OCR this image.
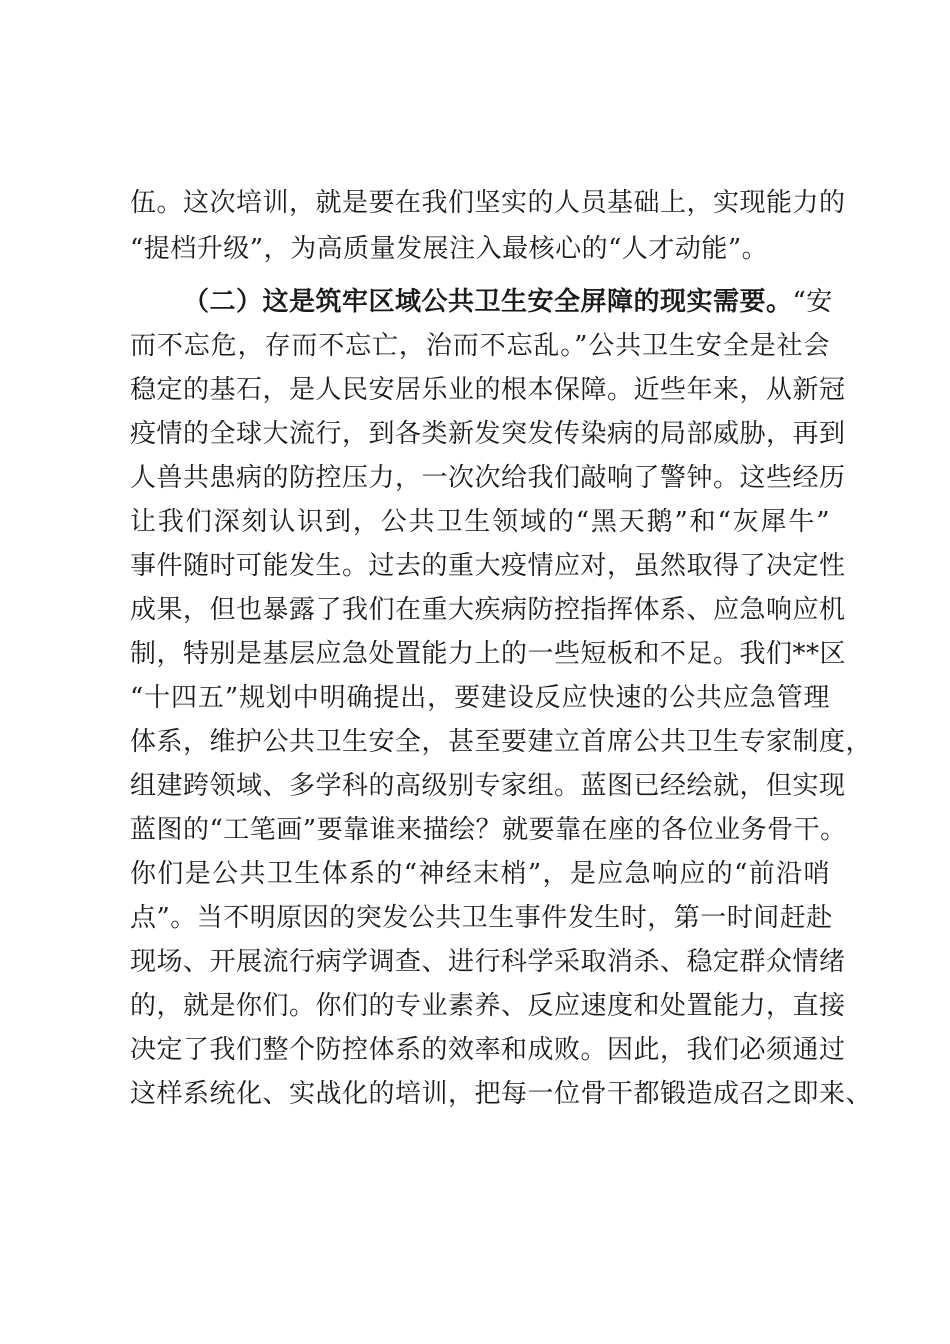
伍。这次培训，就是要在我们坚实的人员基础上，实现能力的
“提档升级”，为高质量发展注入最核心的“人才动能”。
（二）这是筑牢区域公共卫生安全屏障的现实需要。“安
而不忘危，存而不忘亡，治而不忘乱。”公共卫生安全是社会
稳定的基石，是人民安居乐业的根本保障。近些年来，从新冠
疫情的全球大流行，到各类新发突发传染病的局部威胁，再到
人兽共患病的防控压力，一次次给我们敲响了警钟。这些经历
让我们深刻认识到，公共卫生领域的“黑天鹅”和“灰犀牛”
事件随时可能发生。过去的重大疫情应对，虽然取得了决定性
成果，但也暴露了我们在重大疾病防控指挥体系、应急响应机
制，特别是基层应急处置能力上的一些短板和不足。我们**区
“十四五”规划中明确提出，要建设反应快速的公共应急管理
体系，维护公共卫生安全，甚至要建立首席公共卫生专家制度，
组建跨领域、多学科的高级别专家组。蓝图已经绘就，但实现
蓝图的“工笔画”要靠谁来描绘？就要靠在座的各位业务骨干。
你们是公共卫生体系的“神经末梢”，是应急响应的“前沿哨
点”。当不明原因的突发公共卫生事件发生时，第一时间赶赴
现场、开展流行病学调查、进行科学采取消杀、稳定群众情绪
的，就是你们。你们的专业素养、反应速度和处置能力，直接
决定了我们整个防控体系的效率和成败。因此，我们必须通过
这样系统化、实战化的培训，把每一位骨干都锻造成召之即来、
